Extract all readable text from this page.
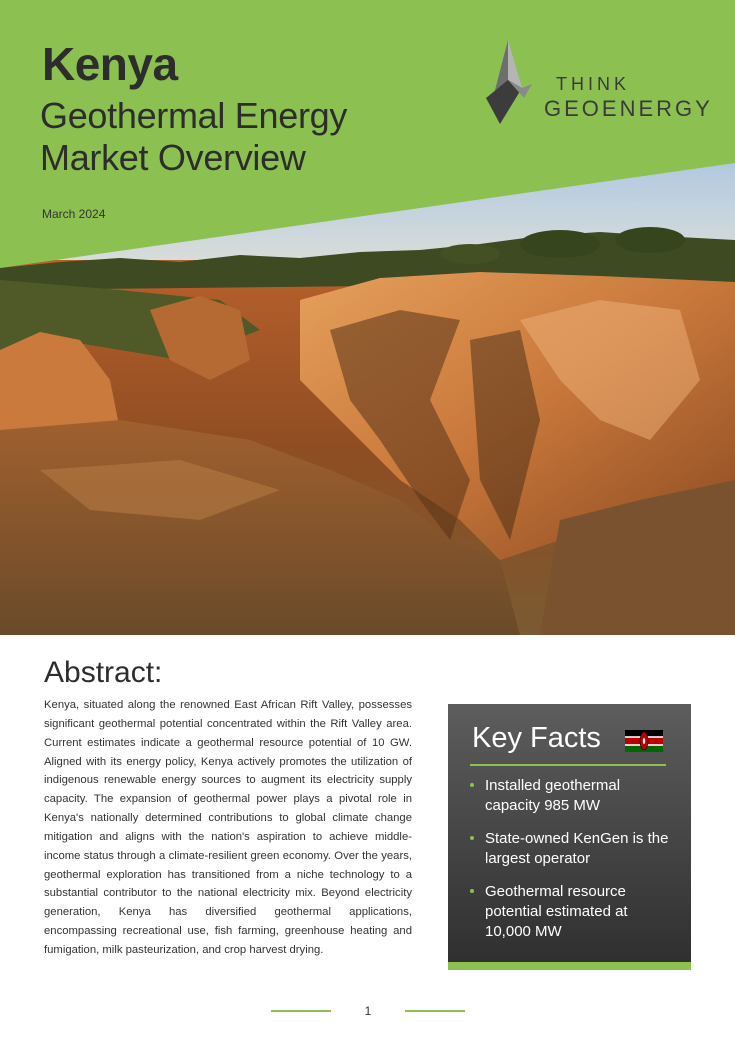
Kenya
Geothermal Energy
Market Overview
March 2024
THINK
GEOENERGY
Abstract:
Kenya, situated along the renowned East African Rift Valley, possesses significant geothermal potential concentrated within the Rift Valley area. Current estimates indicate a geothermal resource potential of 10 GW. Aligned with its energy policy, Kenya actively promotes the utilization of indigenous renewable energy sources to augment its electricity supply capacity. The expansion of geothermal power plays a pivotal role in Kenya's nationally determined contributions to global climate change mitigation and aligns with the nation's aspiration to achieve middle-income status through a climate-resilient green economy. Over the years, geothermal exploration has transitioned from a niche technology to a substantial contributor to the national electricity mix. Beyond electricity generation, Kenya has diversified geothermal applications, encompassing recreational use, fish farming, greenhouse heating and fumigation, milk pasteurization, and crop harvest drying.
Key Facts
Installed geothermal capacity 985 MW
State-owned KenGen is the largest operator
Geothermal resource potential estimated at 10,000 MW
1
